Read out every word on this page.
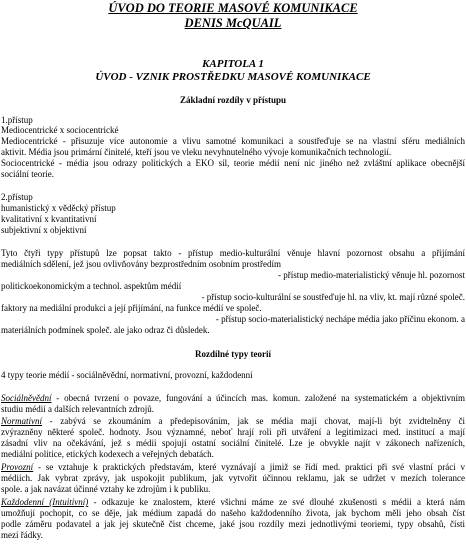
ÚVOD DO TEORIE MASOVÉ KOMUNIKACE
DENIS McQUAIL
KAPITOLA 1
ÚVOD - VZNIK PROSTŘEDKU MASOVÉ KOMUNIKACE
Základní rozdíly v přístupu
1.přístup
Mediocentrické x sociocentrické
Mediocentrické - přisuzuje více autonomie a vlivu samotné komunikaci a soustřeďuje se na vlastní sféru mediálních
aktivit. Média jsou primární činitelé, kteří jsou ve vleku nevyhnutelného vývoje komunikačních technologií.
Sociocentrické - média jsou odrazy politických a EKO sil, teorie médií není nic jiného než zvláštní aplikace obecnější
sociální teorie.
2.přístup
humanistický x věděcký přístup
kvalitativní x kvantitativní
subjektivní x objektivní
Tyto čtyři typy přístupů lze popsat takto - přístup medio-kulturální věnuje hlavní pozornost obsahu a přijímání
mediálních sdělení, jež jsou ovlivňovány bezprostředním osobním prostředím
- přístup medio-materialistický věnuje hl. pozornost
politickoekonomickým a technol. aspektům médií
- přístup socio-kulturální se soustřeďuje hl. na vliv, kt. mají různé společ.
faktory na mediální produkci a její přijímání, na funkce médií ve společ.
- přístup socio-materialistický nechápe média jako příčinu ekonom. a
materiálních podmínek společ. ale jako odraz či důsledek.
Rozdílné typy teorií
4 typy teorie médií - sociálněvědní, normativní, provozní, každodenní
Sociálněvědní - obecná tvrzení o povaze, fungování a účincích mas. komun. založené na systematickém a objektivním
studiu médií a dalších relevantních zdrojů.
Normativní - zabývá se zkoumáním a předepisováním, jak se média mají chovat, mají-li být zvidtelněny či
zvýrazněny některé společ. hodnoty. Jsou významné, neboť hrají roli při utváření a legitimizaci med. institucí a mají
zásadní vliv na očekávání, jež s médii spojují ostatní sociální činitelé. Lze je obvykle najít v zákonech nařízeních,
mediální politice, etických kodexech a veřejných debatách.
Provozní - se vztahuje k praktických představám, které vyznávají a jimiž se řídí med. praktici při své vlastní práci v
médiích. Jak vybrat zprávy, jak uspokojit publikum, jak vytvořit účinnou reklamu, jak se udržet v mezích tolerance
spole. a jak navázat účinné vztahy ke zdrojům i k publiku.
Každodenní (Intuitivní) - odkazuje ke znalostem, které všichni máme ze své dlouhé zkušenosti s médii a která nám
umožňují pochopit, co se děje, jak médium zapadá do našeho každodenního života, jak bychom měli jeho obsah číst
podle záměru podavatel a jak jej skutečně čist chceme, jaké jsou rozdíly mezi jednotlivými teoriemi, typy obsahů, čísti
mezi řádky.
